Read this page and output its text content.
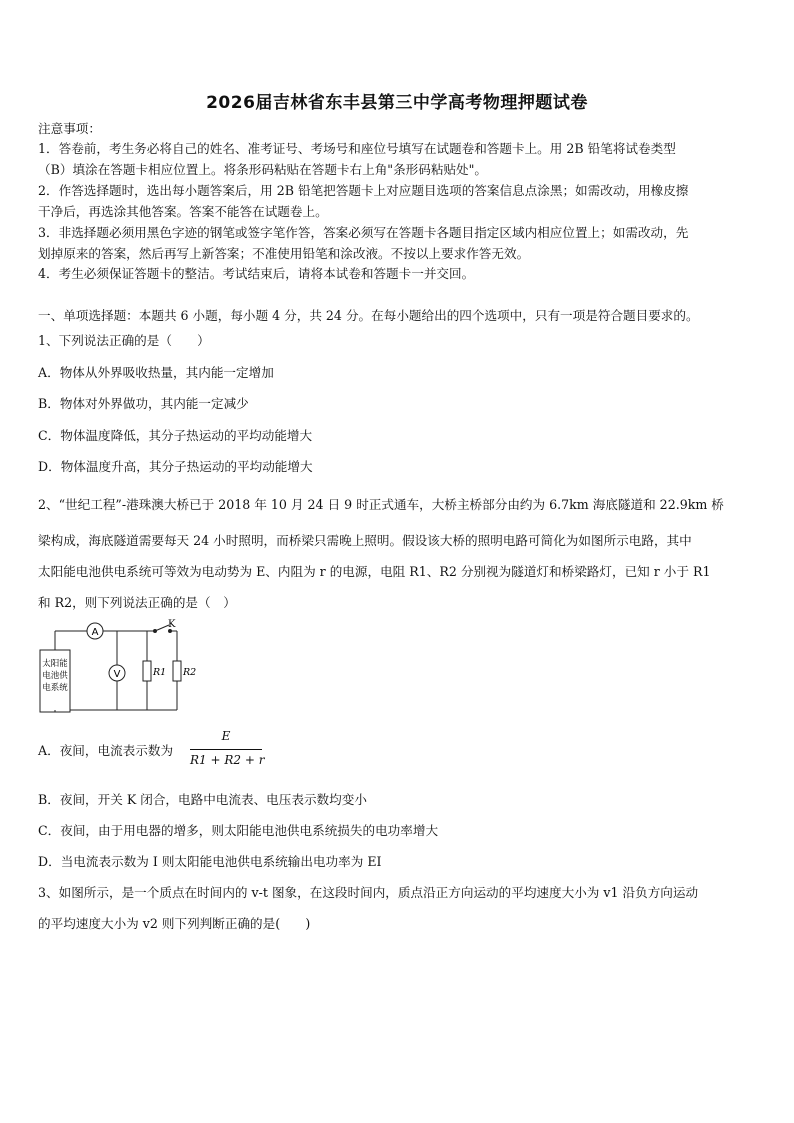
2026届吉林省东丰县第三中学高考物理押题试卷
注意事项：
1．答卷前，考生务必将自己的姓名、准考证号、考场号和座位号填写在试题卷和答题卡上。用 2B 铅笔将试卷类型
（B）填涂在答题卡相应位置上。将条形码粘贴在答题卡右上角"条形码粘贴处"。
2．作答选择题时，选出每小题答案后，用 2B 铅笔把答题卡上对应题目选项的答案信息点涂黑；如需改动，用橡皮擦
干净后，再选涂其他答案。答案不能答在试题卷上。
3．非选择题必须用黑色字迹的钢笔或签字笔作答，答案必须写在答题卡各题目指定区域内相应位置上；如需改动，先
划掉原来的答案，然后再写上新答案；不准使用铅笔和涂改液。不按以上要求作答无效。
4．考生必须保证答题卡的整洁。考试结束后，请将本试卷和答题卡一并交回。
一、单项选择题：本题共 6 小题，每小题 4 分，共 24 分。在每小题给出的四个选项中，只有一项是符合题目要求的。
1、下列说法正确的是（　　）
A．物体从外界吸收热量，其内能一定增加
B．物体对外界做功，其内能一定减少
C．物体温度降低，其分子热运动的平均动能增大
D．物体温度升高，其分子热运动的平均动能增大
2、“世纪工程”-港珠澳大桥已于 2018 年 10 月 24 日 9 时正式通车，大桥主桥部分由约为 6.7km 海底隧道和 22.9km 桥
梁构成，海底隧道需要每天 24 小时照明，而桥梁只需晚上照明。假设该大桥的照明电路可简化为如图所示电路，其中
太阳能电池供电系统可等效为电动势为 E、内阻为 r 的电源，电阻 R1、R2 分别视为隧道灯和桥梁路灯，已知 r 小于 R1
和 R2，则下列说法正确的是（　）
太阳能
电池供
电系统
A
V
K
R1 R2
A．夜间，电流表示数为
E
R1 + R2 + r
B．夜间，开关 K 闭合，电路中电流表、电压表示数均变小
C．夜间，由于用电器的增多，则太阳能电池供电系统损失的电功率增大
D．当电流表示数为 I 则太阳能电池供电系统输出电功率为 EI
3、如图所示，是一个质点在时间内的 v-t 图象，在这段时间内，质点沿正方向运动的平均速度大小为 v1 沿负方向运动
的平均速度大小为 v2 则下列判断正确的是(　　)
